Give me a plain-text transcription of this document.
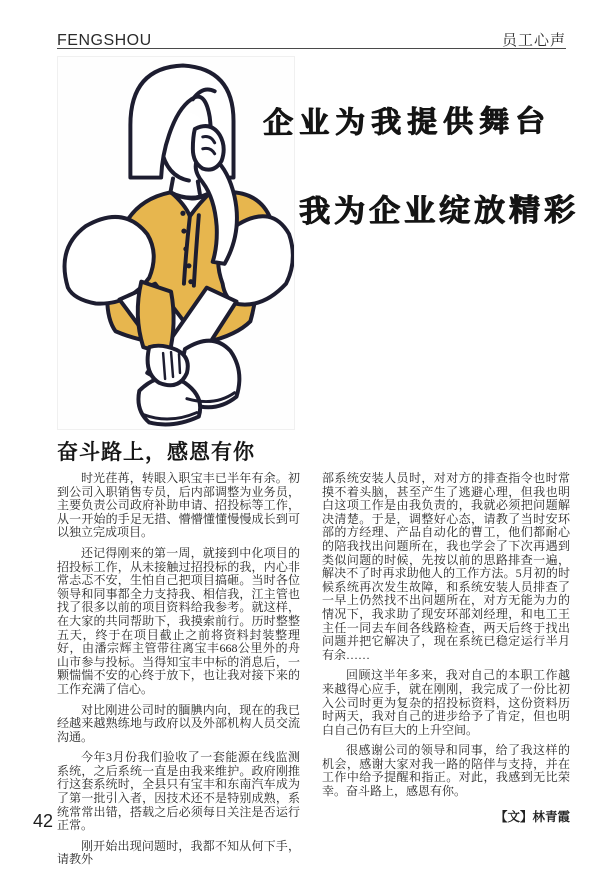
FENGSHOU	员工心声
企业为我提供舞台
我为企业绽放精彩
奋斗路上，感恩有你

时光荏苒，转眼入职宝丰已半年有余。初到公司入职销售专员，后内部调整为业务员，主要负责公司政府补助申请、招投标等工作，从一开始的手足无措、懵懵懂懂慢慢成长到可以独立完成项目。

还记得刚来的第一周，就接到中化项目的招投标工作，从未接触过招投标的我，内心非常忐忑不安，生怕自己把项目搞砸。当时各位领导和同事都全力支持我、相信我，江主管也找了很多以前的项目资料给我参考。就这样，在大家的共同帮助下，我摸索前行。历时整整五天，终于在项目截止之前将资料封装整理好，由潘宗辉主管带往离宝丰668公里外的舟山市参与投标。当得知宝丰中标的消息后，一颗惴惴不安的心终于放下，也让我对接下来的工作充满了信心。

对比刚进公司时的腼腆内向，现在的我已经越来越熟练地与政府以及外部机构人员交流沟通。

今年3月份我们验收了一套能源在线监测系统，之后系统一直是由我来维护。政府刚推行这套系统时，全县只有宝丰和东南汽车成为了第一批引入者，因技术还不是特别成熟，系统常常出错，搭载之后必须每日关注是否运行正常。

刚开始出现问题时，我都不知从何下手，请教外

部系统安装人员时，对对方的排查指令也时常摸不着头脑，甚至产生了逃避心理，但我也明白这项工作是由我负责的，我就必须把问题解决清楚。于是，调整好心态，请教了当时安环部的方经理、产品自动化的曹工，他们都耐心的陪我找出问题所在，我也学会了下次再遇到类似问题的时候，先按以前的思路排查一遍，解决不了时再求助他人的工作方法。5月初的时候系统再次发生故障，和系统安装人员排查了一早上仍然找不出问题所在，对方无能为力的情况下，我求助了现安环部刘经理，和电工王主任一同去车间各线路检查，两天后终于找出问题并把它解决了，现在系统已稳定运行半月有余……

回顾这半年多来，我对自己的本职工作越来越得心应手，就在刚刚，我完成了一份比初入公司时更为复杂的招投标资料，这份资料历时两天，我对自己的进步给予了肯定，但也明白自己仍有巨大的上升空间。

很感谢公司的领导和同事，给了我这样的机会，感谢大家对我一路的陪伴与支持，并在工作中给予提醒和指正。对此，我感到无比荣幸。奋斗路上，感恩有你。

【文】林青霞

42
